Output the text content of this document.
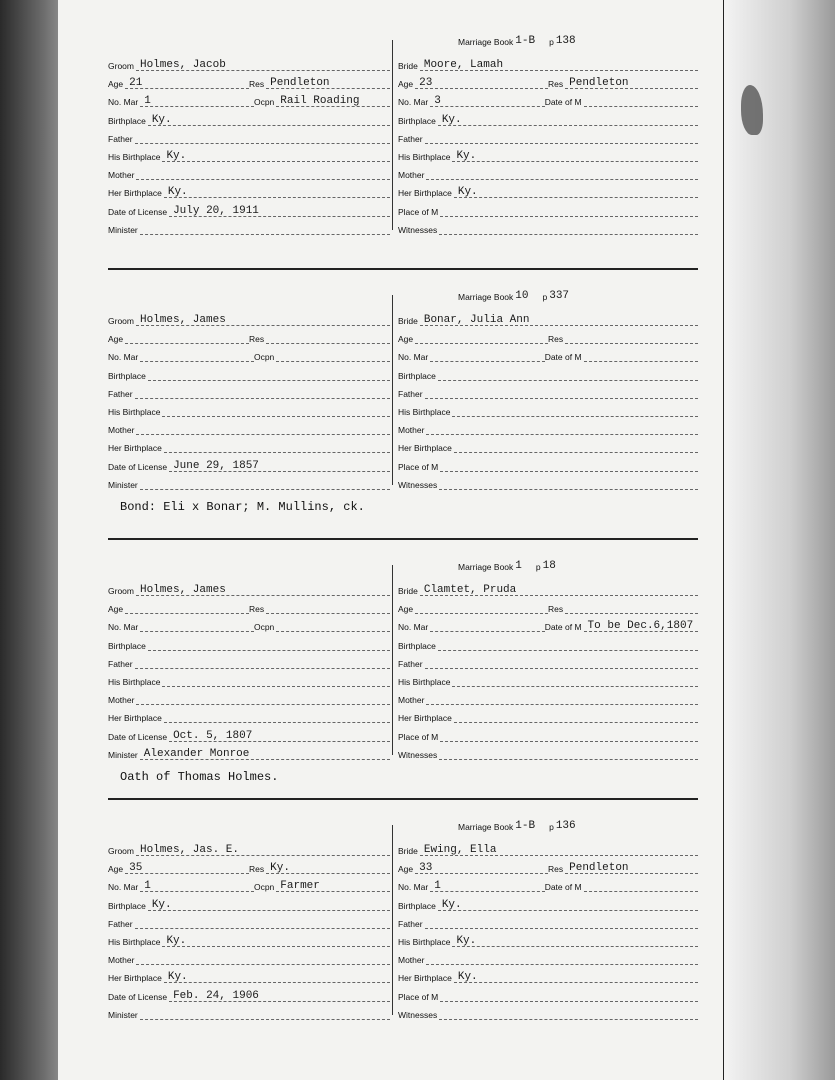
Groom Holmes, Jacob
Age 21	Res Pendleton
No. Mar 1	Ocpn Rail Roading
Birthplace Ky.
Father
His Birthplace Ky.
Mother
Her Birthplace Ky.
Date of License July 20, 1911
Minister
Bride Moore, Lamah
Age 23	Res Pendleton
No. Mar 3	Date of M
Birthplace Ky.
Father
His Birthplace Ky.
Mother
Her Birthplace Ky.
Place of M
Witnesses
Marriage Book 1-B p 138
Groom Holmes, James
Age	Res
No. Mar	Ocpn
Birthplace
Father
His Birthplace
Mother
Her Birthplace
Date of License June 29, 1857
Minister
Bride Bonar, Julia Ann
Age	Res
No. Mar	Date of M
Birthplace
Father
His Birthplace
Mother
Her Birthplace
Place of M
Witnesses
Marriage Book 10 p 337
Bond: Eli x Bonar; M. Mullins, ck.
Groom Holmes, James
Age	Res
No. Mar	Ocpn
Birthplace
Father
His Birthplace
Mother
Her Birthplace
Date of License Oct. 5, 1807
Minister Alexander Monroe
Bride Clamtet, Pruda
Age	Res
No. Mar	Date of M To be Dec.6,1807
Birthplace
Father
His Birthplace
Mother
Her Birthplace
Place of M
Witnesses
Marriage Book 1 p 18
Oath of Thomas Holmes.
Groom Holmes, Jas. E.
Age 35	Res Ky.
No. Mar 1	Ocpn Farmer
Birthplace Ky.
Father
His Birthplace Ky.
Mother
Her Birthplace Ky.
Date of License Feb. 24, 1906
Minister
Bride Ewing, Ella
Age 33	Res Pendleton
No. Mar 1	Date of M
Birthplace Ky.
Father
His Birthplace Ky.
Mother
Her Birthplace Ky.
Place of M
Witnesses
Marriage Book 1-B p 136
